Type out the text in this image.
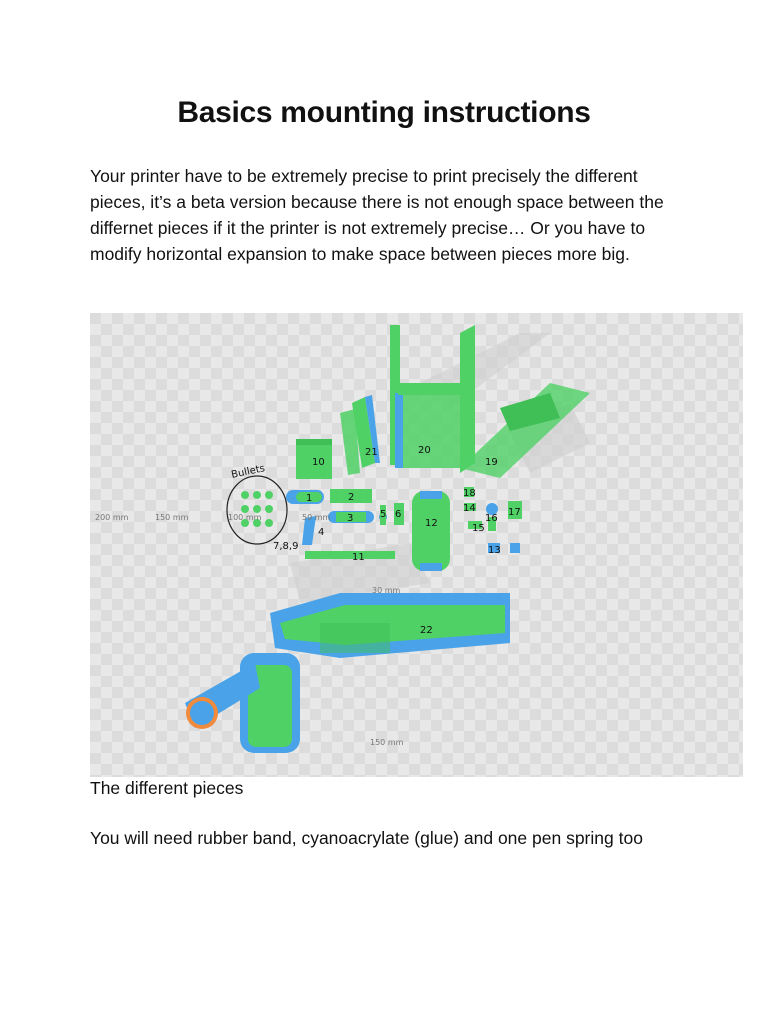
Basics mounting instructions

Your printer have to be extremely precise to print precisely the different pieces, it’s a beta version because there is not enough space between the differnet pieces if it the printer is not extremely precise… Or you have to modify horizontal expansion to make space between pieces more big.

21	20
19
10
Bullets
7,8,9
1	2
3
4
5 6
11
12
18
14
15
16
17
13
22
200 mm	150 mm	100 mm	50 mm
30 mm
150 mm

The different pieces

You will need rubber band, cyanoacrylate (glue) and one pen spring too
